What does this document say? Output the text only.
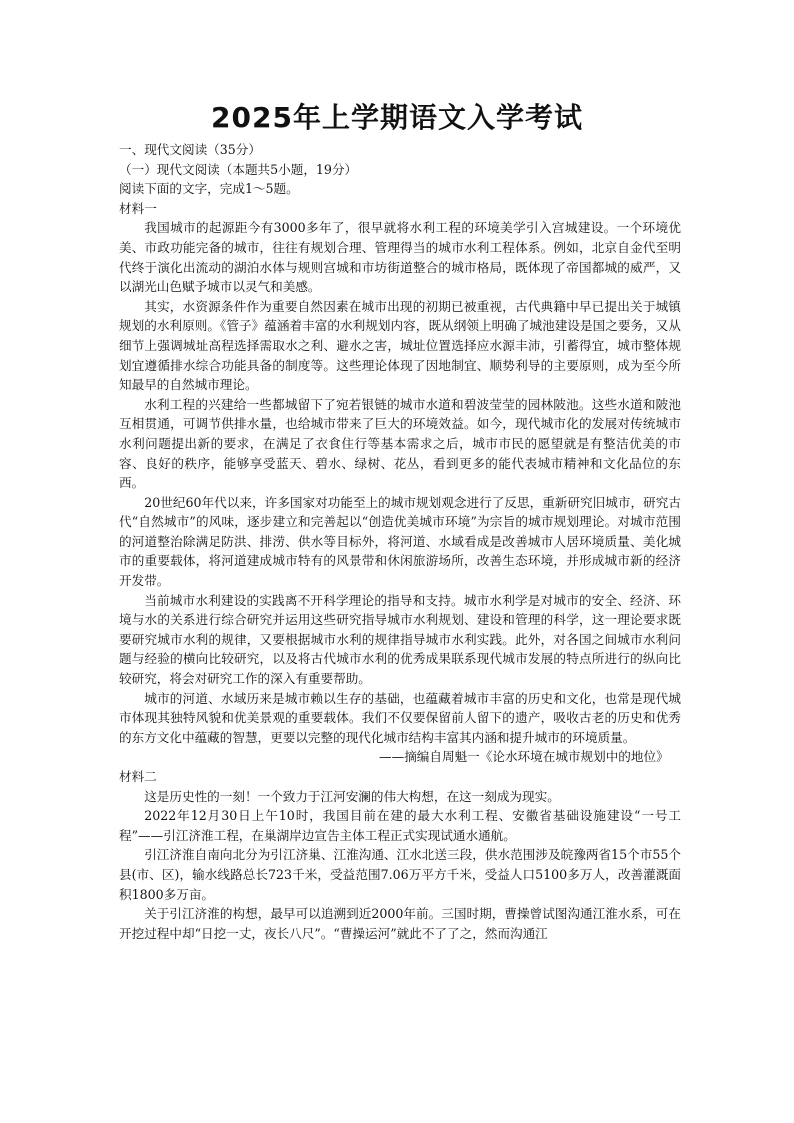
2025年上学期语文入学考试

一、现代文阅读（35分）

（一）现代文阅读（本题共5小题，19分）

阅读下面的文字，完成1～5题。

材料一

我国城市的起源距今有3000多年了，很早就将水利工程的环境美学引入宫城建设。一个环境优美、市政功能完备的城市，往往有规划合理、管理得当的城市水利工程体系。例如，北京自金代至明代终于演化出流动的湖泊水体与规则宫城和市坊街道整合的城市格局，既体现了帝国都城的威严，又以湖光山色赋予城市以灵气和美感。

其实，水资源条件作为重要自然因素在城市出现的初期已被重视，古代典籍中早已提出关于城镇规划的水利原则。《管子》蕴涵着丰富的水利规划内容，既从纲领上明确了城池建设是国之要务，又从细节上强调城址高程选择需取水之利、避水之害，城址位置选择应水源丰沛，引蓄得宜，城市整体规划宜遵循排水综合功能具备的制度等。这些理论体现了因地制宜、顺势利导的主要原则，成为至今所知最早的自然城市理论。

水利工程的兴建给一些都城留下了宛若银链的城市水道和碧波莹莹的园林陂池。这些水道和陂池互相贯通，可调节供排水量，也给城市带来了巨大的环境效益。如今，现代城市化的发展对传统城市水利问题提出新的要求，在满足了衣食住行等基本需求之后，城市市民的愿望就是有整洁优美的市容、良好的秩序，能够享受蓝天、碧水、绿树、花丛，看到更多的能代表城市精神和文化品位的东西。

20世纪60年代以来，许多国家对功能至上的城市规划观念进行了反思，重新研究旧城市，研究古代“自然城市”的风味，逐步建立和完善起以“创造优美城市环境”为宗旨的城市规划理论。对城市范围的河道整治除满足防洪、排涝、供水等目标外，将河道、水域看成是改善城市人居环境质量、美化城市的重要载体，将河道建成城市特有的风景带和休闲旅游场所，改善生态环境，并形成城市新的经济开发带。

当前城市水利建设的实践离不开科学理论的指导和支持。城市水利学是对城市的安全、经济、环境与水的关系进行综合研究并运用这些研究指导城市水利规划、建设和管理的科学，这一理论要求既要研究城市水利的规律，又要根据城市水利的规律指导城市水利实践。此外，对各国之间城市水利问题与经验的横向比较研究，以及将古代城市水利的优秀成果联系现代城市发展的特点所进行的纵向比较研究，将会对研究工作的深入有重要帮助。

城市的河道、水域历来是城市赖以生存的基础，也蕴藏着城市丰富的历史和文化，也常是现代城市体现其独特风貌和优美景观的重要载体。我们不仅要保留前人留下的遗产，吸收古老的历史和优秀的东方文化中蕴藏的智慧，更要以完整的现代化城市结构丰富其内涵和提升城市的环境质量。

——摘编自周魁一《论水环境在城市规划中的地位》

材料二

这是历史性的一刻！一个致力于江河安澜的伟大构想，在这一刻成为现实。

2022年12月30日上午10时，我国目前在建的最大水利工程、安徽省基础设施建设“一号工程”——引江济淮工程，在巢湖岸边宣告主体工程正式实现试通水通航。

引江济淮自南向北分为引江济巢、江淮沟通、江水北送三段，供水范围涉及皖豫两省15个市55个县(市、区)，输水线路总长723千米，受益范围7.06万平方千米，受益人口5100多万人，改善灌溉面积1800多万亩。

关于引江济淮的构想，最早可以追溯到近2000年前。三国时期，曹操曾试图沟通江淮水系，可在开挖过程中却“日挖一丈，夜长八尺”。“曹操运河”就此不了了之，然而沟通江
